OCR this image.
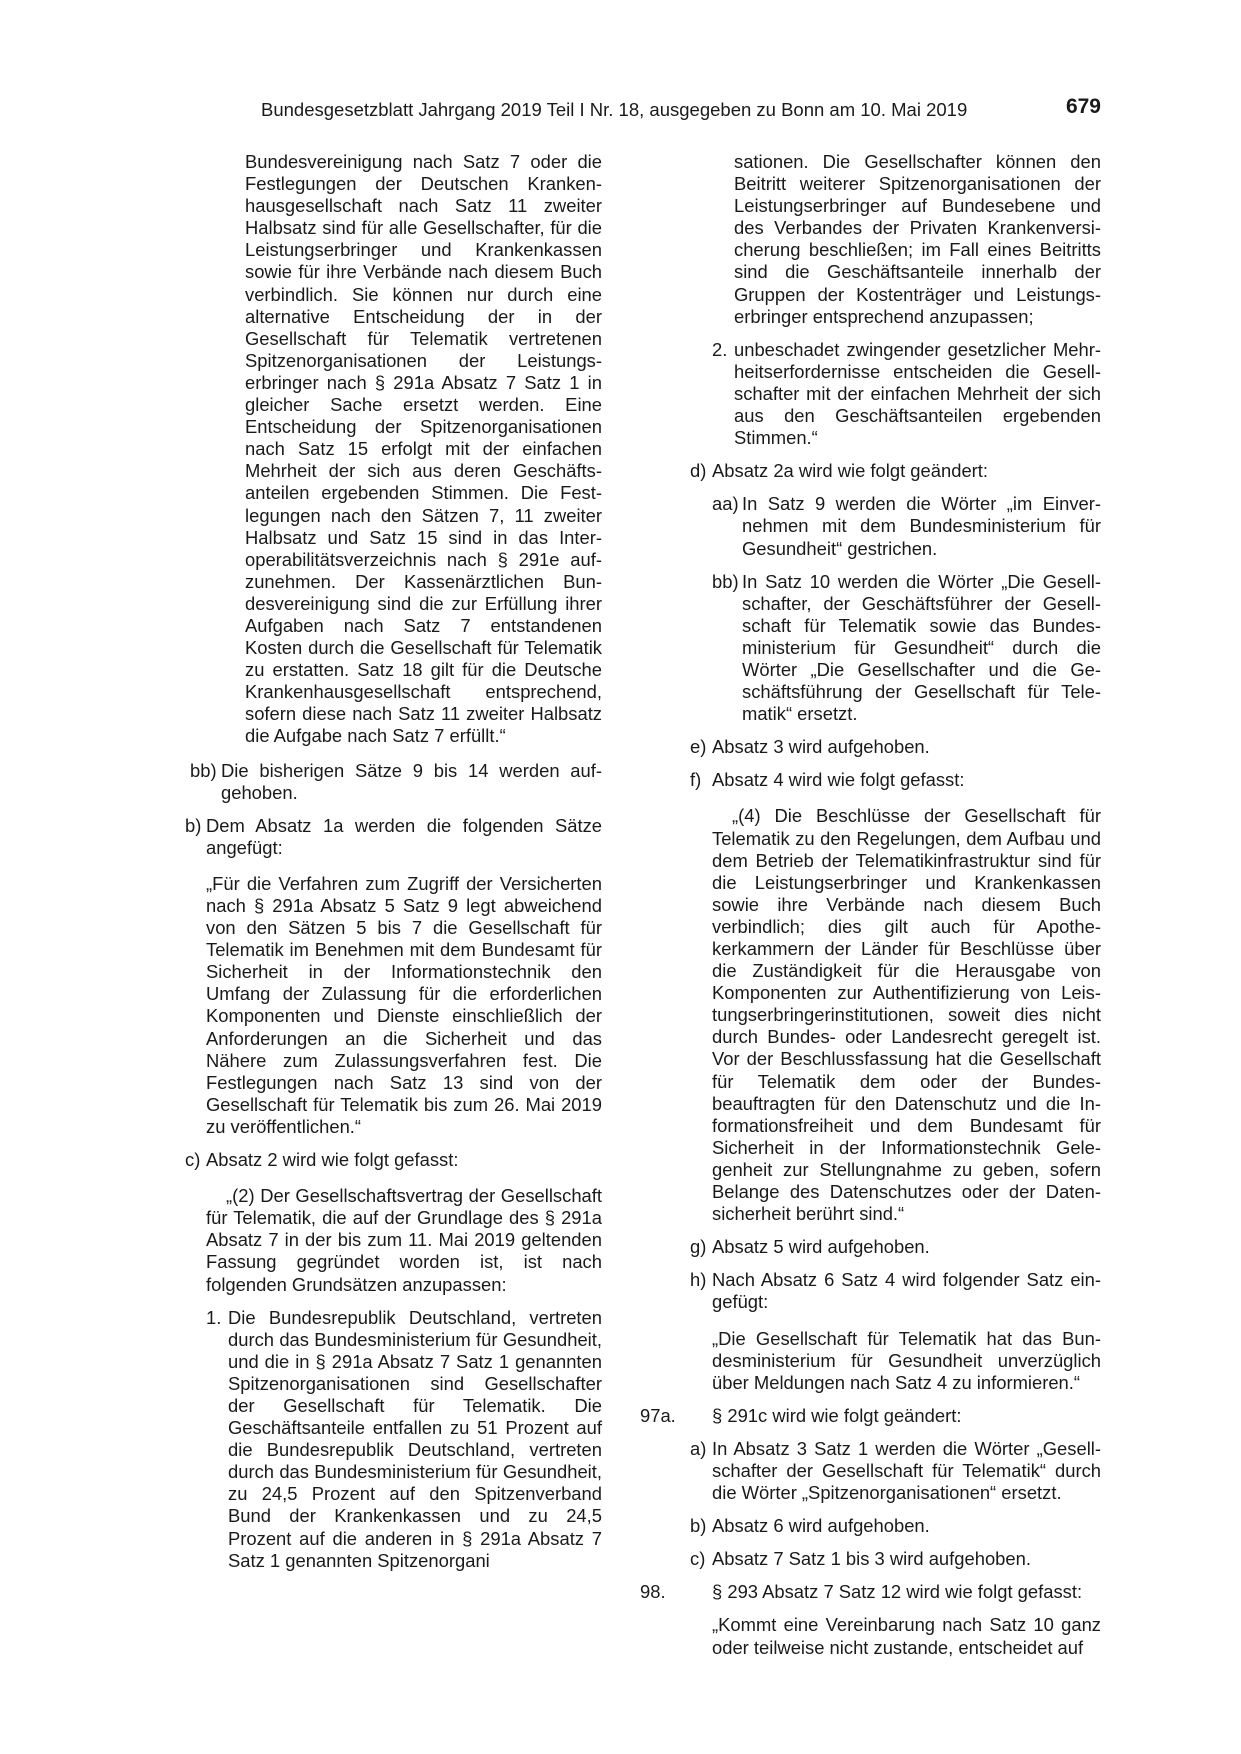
Bundesgesetzblatt Jahrgang 2019 Teil I Nr. 18, ausgegeben zu Bonn am 10. Mai 2019	679

Bundesvereinigung nach Satz 7 oder die Festlegungen der Deutschen Krankenhausgesellschaft nach Satz 11 zweiter Halbsatz sind für alle Gesellschafter, für die Leistungserbringer und Krankenkassen sowie für ihre Verbände nach diesem Buch verbindlich. Sie können nur durch eine alternative Entscheidung der in der Gesellschaft für Telematik vertretenen Spitzenorganisationen der Leistungserbringer nach § 291a Absatz 7 Satz 1 in gleicher Sache ersetzt werden. Eine Entscheidung der Spitzenorganisationen nach Satz 15 erfolgt mit der einfachen Mehrheit der sich aus deren Geschäftsanteilen ergebenden Stimmen. Die Festlegungen nach den Sätzen 7, 11 zweiter Halbsatz und Satz 15 sind in das Interoperabilitätsverzeichnis nach § 291e aufzunehmen. Der Kassenärztlichen Bundesvereinigung sind die zur Erfüllung ihrer Aufgaben nach Satz 7 entstandenen Kosten durch die Gesellschaft für Telematik zu erstatten. Satz 18 gilt für die Deutsche Krankenhausgesellschaft entsprechend, sofern diese nach Satz 11 zweiter Halbsatz die Aufgabe nach Satz 7 erfüllt.“

bb) Die bisherigen Sätze 9 bis 14 werden aufgehoben.

b) Dem Absatz 1a werden die folgenden Sätze angefügt:

„Für die Verfahren zum Zugriff der Versicherten nach § 291a Absatz 5 Satz 9 legt abweichend von den Sätzen 5 bis 7 die Gesellschaft für Telematik im Benehmen mit dem Bundesamt für Sicherheit in der Informationstechnik den Umfang der Zulassung für die erforderlichen Komponenten und Dienste einschließlich der Anforderungen an die Sicherheit und das Nähere zum Zulassungsverfahren fest. Die Festlegungen nach Satz 13 sind von der Gesellschaft für Telematik bis zum 26. Mai 2019 zu veröffentlichen.“

c) Absatz 2 wird wie folgt gefasst:

„(2) Der Gesellschaftsvertrag der Gesellschaft für Telematik, die auf der Grundlage des § 291a Absatz 7 in der bis zum 11. Mai 2019 geltenden Fassung gegründet worden ist, ist nach folgenden Grundsätzen anzupassen:

1. Die Bundesrepublik Deutschland, vertreten durch das Bundesministerium für Gesundheit, und die in § 291a Absatz 7 Satz 1 genannten Spitzenorganisationen sind Gesellschafter der Gesellschaft für Telematik. Die Geschäftsanteile entfallen zu 51 Prozent auf die Bundesrepublik Deutschland, vertreten durch das Bundesministerium für Gesundheit, zu 24,5 Prozent auf den Spitzenverband Bund der Krankenkassen und zu 24,5 Prozent auf die anderen in § 291a Absatz 7 Satz 1 genannten Spitzenorgani

sationen. Die Gesellschafter können den Beitritt weiterer Spitzenorganisationen der Leistungserbringer auf Bundesebene und des Verbandes der Privaten Krankenversicherung beschließen; im Fall eines Beitritts sind die Geschäftsanteile innerhalb der Gruppen der Kostenträger und Leistungserbringer entsprechend anzupassen;

2. unbeschadet zwingender gesetzlicher Mehrheitserfordernisse entscheiden die Gesellschafter mit der einfachen Mehrheit der sich aus den Geschäftsanteilen ergebenden Stimmen.“

d) Absatz 2a wird wie folgt geändert:

aa) In Satz 9 werden die Wörter „im Einvernehmen mit dem Bundesministerium für Gesundheit“ gestrichen.

bb) In Satz 10 werden die Wörter „Die Gesellschafter, der Geschäftsführer der Gesellschaft für Telematik sowie das Bundesministerium für Gesundheit“ durch die Wörter „Die Gesellschafter und die Geschäftsführung der Gesellschaft für Telematik“ ersetzt.

e) Absatz 3 wird aufgehoben.

f) Absatz 4 wird wie folgt gefasst:

„(4) Die Beschlüsse der Gesellschaft für Telematik zu den Regelungen, dem Aufbau und dem Betrieb der Telematikinfrastruktur sind für die Leistungserbringer und Krankenkassen sowie ihre Verbände nach diesem Buch verbindlich; dies gilt auch für Apothekerkammern der Länder für Beschlüsse über die Zuständigkeit für die Herausgabe von Komponenten zur Authentifizierung von Leistungserbringerinstitutionen, soweit dies nicht durch Bundes- oder Landesrecht geregelt ist. Vor der Beschlussfassung hat die Gesellschaft für Telematik dem oder der Bundesbeauftragten für den Datenschutz und die Informationsfreiheit und dem Bundesamt für Sicherheit in der Informationstechnik Gelegenheit zur Stellungnahme zu geben, sofern Belange des Datenschutzes oder der Datensicherheit berührt sind.“

g) Absatz 5 wird aufgehoben.

h) Nach Absatz 6 Satz 4 wird folgender Satz eingefügt:

„Die Gesellschaft für Telematik hat das Bundesministerium für Gesundheit unverzüglich über Meldungen nach Satz 4 zu informieren.“

97a. § 291c wird wie folgt geändert:

a) In Absatz 3 Satz 1 werden die Wörter „Gesellschafter der Gesellschaft für Telematik“ durch die Wörter „Spitzenorganisationen“ ersetzt.

b) Absatz 6 wird aufgehoben.

c) Absatz 7 Satz 1 bis 3 wird aufgehoben.

98.	§ 293 Absatz 7 Satz 12 wird wie folgt gefasst:

„Kommt eine Vereinbarung nach Satz 10 ganz oder teilweise nicht zustande, entscheidet auf
